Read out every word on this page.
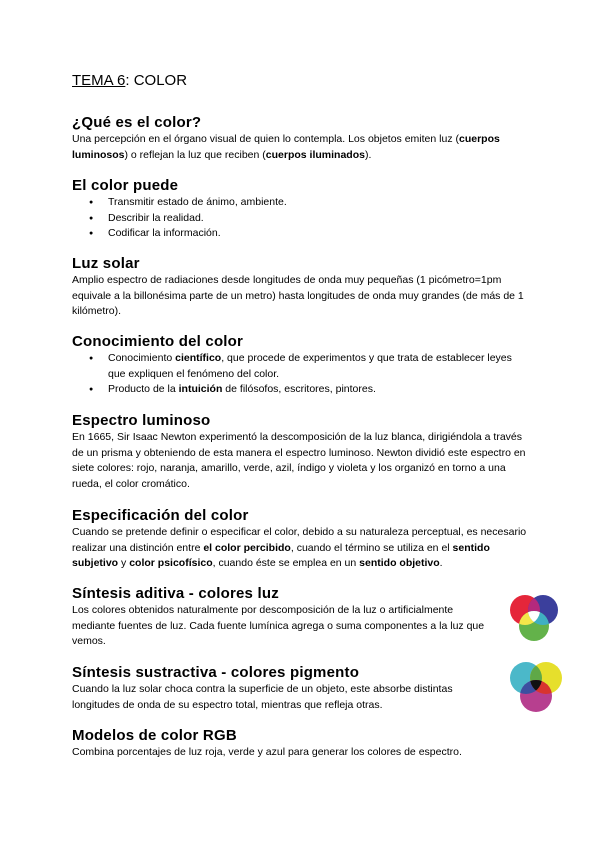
TEMA 6: COLOR
¿Qué es el color?

Una percepción en el órgano visual de quien lo contempla. Los objetos emiten luz (cuerpos luminosos) o reflejan la luz que reciben (cuerpos iluminados).

El color puede
● Transmitir estado de ánimo, ambiente.
● Describir la realidad.
● Codificar la información.
Luz solar

Amplio espectro de radiaciones desde longitudes de onda muy pequeñas (1 picómetro=1pm equivale a la billonésima parte de un metro) hasta longitudes de onda muy grandes (de más de 1 kilómetro).

Conocimiento del color
● Conocimiento científico, que procede de experimentos y que trata de establecer leyes que expliquen el fenómeno del color.
● Producto de la intuición de filósofos, escritores, pintores.
Espectro luminoso

En 1665, Sir Isaac Newton experimentó la descomposición de la luz blanca, dirigiéndola a través de un prisma y obteniendo de esta manera el espectro luminoso. Newton dividió este espectro en siete colores: rojo, naranja, amarillo, verde, azil, índigo y violeta y los organizó en torno a una rueda, el color cromático.

Especificación del color

Cuando se pretende definir o especificar el color, debido a su naturaleza perceptual, es necesario realizar una distinción entre el color percibido, cuando el término se utiliza en el sentido subjetivo y color psicofísico, cuando éste se emplea en un sentido objetivo.

Síntesis aditiva - colores luz

Los colores obtenidos naturalmente por descomposición de la luz o artificialmente mediante fuentes de luz. Cada fuente lumínica agrega o suma componentes a la luz que vemos.

Síntesis sustractiva - colores pigmento

Cuando la luz solar choca contra la superficie de un objeto, este absorbe distintas longitudes de onda de su espectro total, mientras que refleja otras.

Modelos de color RGB

Combina porcentajes de luz roja, verde y azul para generar los colores de espectro.
